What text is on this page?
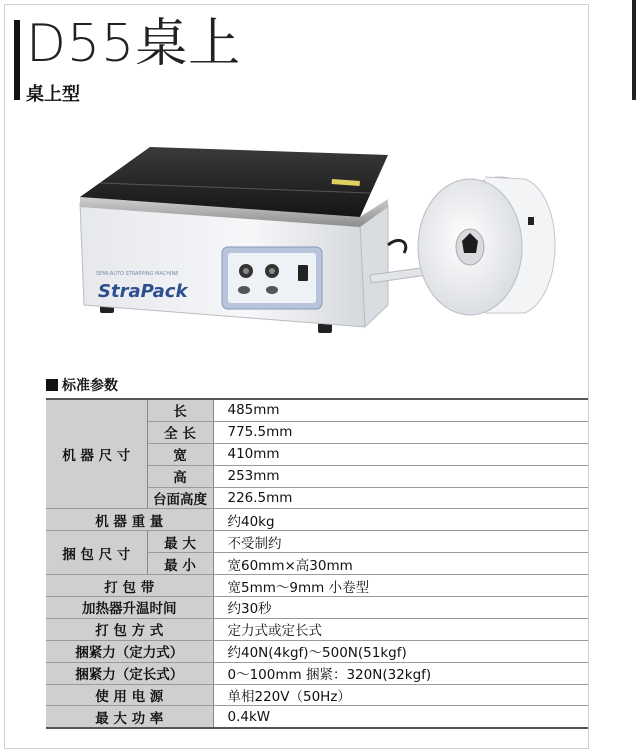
D55桌上
桌上型
SEMI-AUTO STRAPPING MACHINE
StraPack
标准参数
机 器 尺 寸	长	485mm
	全 长	775.5mm
	宽	410mm
	高	253mm
	台面高度	226.5mm
机 器 重 量		约40kg
捆 包 尺 寸	最 大	不受制约
	最 小	宽60mm×高30mm
打 包 带		宽5mm～9mm 小卷型
加热器升温时间		约30秒
打 包 方 式		定力式或定长式
捆紧力（定力式）		约40N(4kgf)～500N(51kgf)
捆紧力（定长式）		0～100mm 捆紧：320N(32kgf)
使 用 电 源		单相220V（50Hz）
最 大 功 率		0.4kW
